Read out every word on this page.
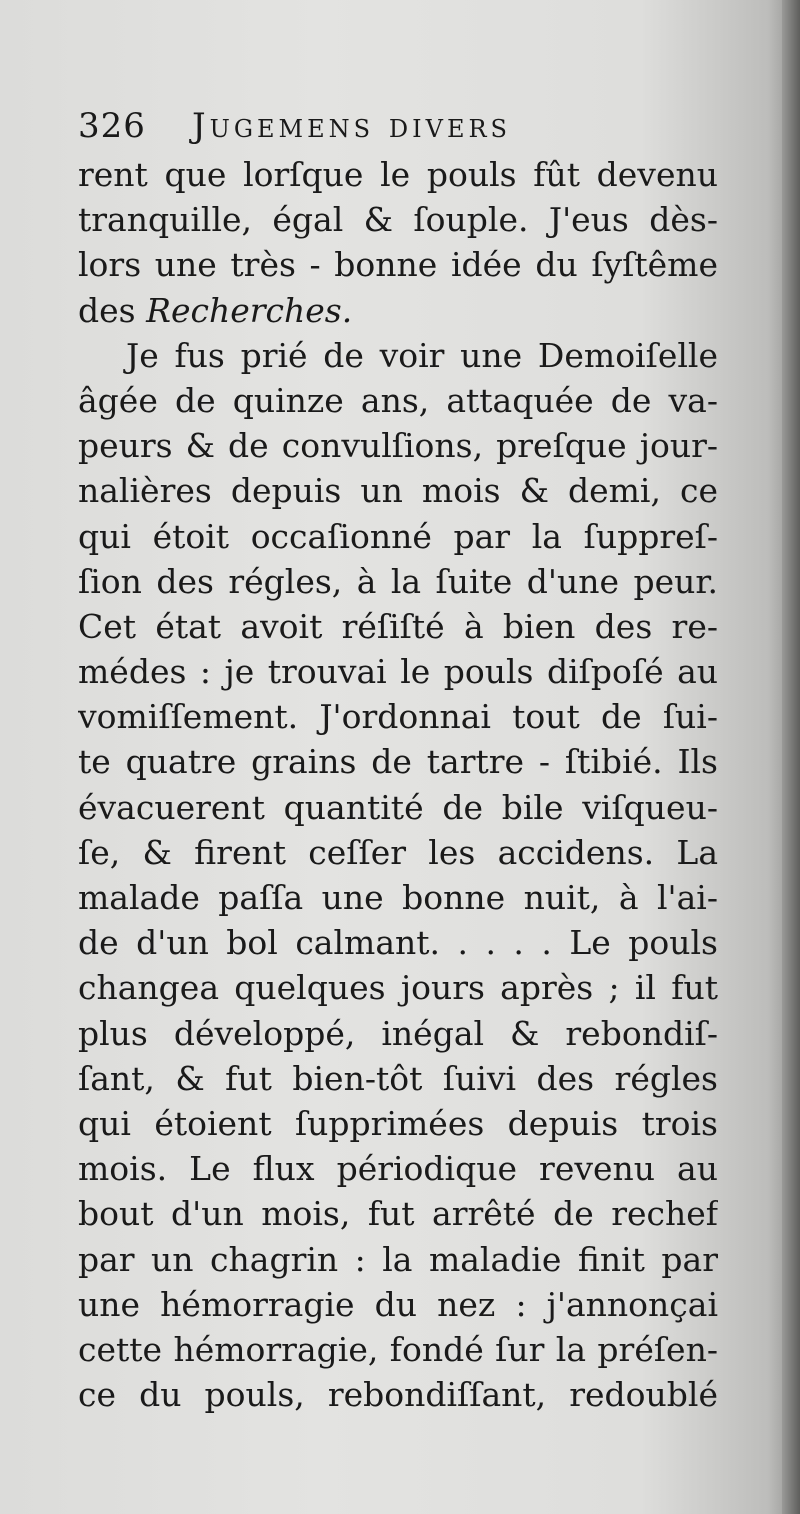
326 Jugemens divers
rent que lorſque le pouls fût devenu
tranquille, égal & ſouple. J'eus dès-
lors une très - bonne idée du ſyſtême
des Recherches.
Je fus prié de voir une Demoiſelle
âgée de quinze ans, attaquée de va-
peurs & de convulſions, preſque jour-
nalières depuis un mois & demi, ce
qui étoit occaſionné par la ſuppreſ-
ſion des régles, à la ſuite d'une peur.
Cet état avoit réſiſté à bien des re-
médes : je trouvai le pouls diſpoſé au
vomiſſement. J'ordonnai tout de ſui-
te quatre grains de tartre - ſtibié. Ils
évacuerent quantité de bile viſqueu-
ſe, & firent ceſſer les accidens. La
malade paſſa une bonne nuit, à l'ai-
de d'un bol calmant. . . . . Le pouls
changea quelques jours après ; il fut
plus développé, inégal & rebondiſ-
ſant, & fut bien-tôt ſuivi des régles
qui étoient ſupprimées depuis trois
mois. Le flux périodique revenu au
bout d'un mois, fut arrêté de rechef
par un chagrin : la maladie finit par
une hémorragie du nez : j'annonçai
cette hémorragie, fondé ſur la préſen-
ce du pouls, rebondiſſant, redoublé
